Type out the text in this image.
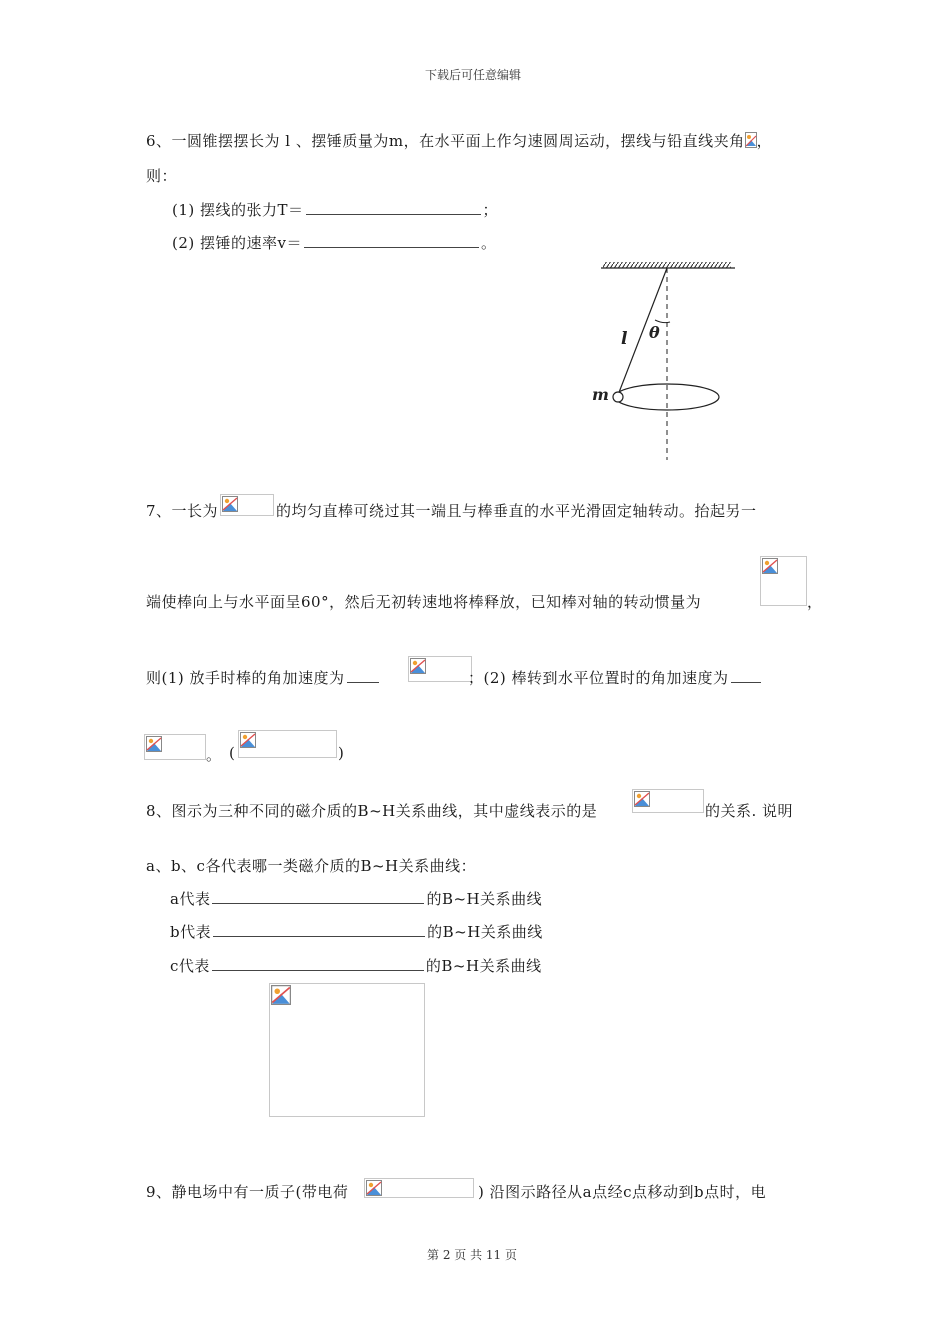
下载后可任意编辑
6、一圆锥摆摆长为 l 、摆锤质量为m，在水平面上作匀速圆周运动，摆线与铅直线夹角 ，
则：
(1) 摆线的张力T＝	；
(2) 摆锤的速率v＝	。
l θ
m
7、一长为	的均匀直棒可绕过其一端且与棒垂直的水平光滑固定轴转动。抬起另一
端使棒向上与水平面呈60°，然后无初转速地将棒释放，已知棒对轴的转动惯量为	，
则(1) 放手时棒的角加速度为	；(2) 棒转到水平位置时的角加速度为
。 (	)
8、图示为三种不同的磁介质的B~H关系曲线，其中虚线表示的是	的关系. 说明
a、b、c各代表哪一类磁介质的B~H关系曲线：
a代表	的B~H关系曲线
b代表	的B~H关系曲线
c代表	的B~H关系曲线
9、静电场中有一质子(带电荷	) 沿图示路径从a点经c点移动到b点时，电
第 2 页 共 11 页
